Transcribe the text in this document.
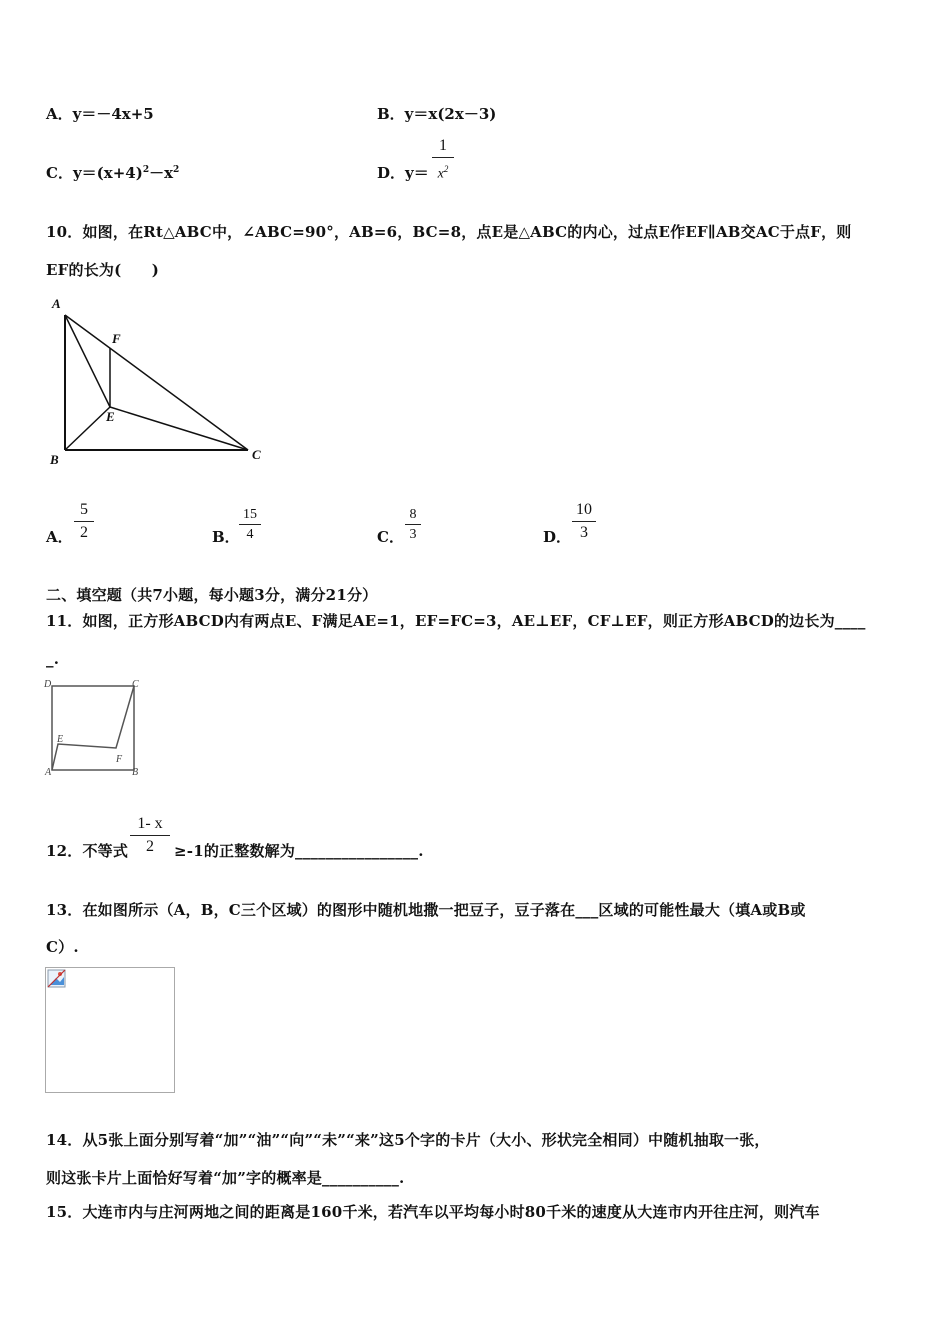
A．y＝－4x+5	B．y＝x(2x－3)
C．$y=(x+4)^2-x^2$	D．y＝
1
$x^2$
10．如图，在Rt△ABC中，∠ABC=90°，AB=6，BC=8，点E是△ABC的内心，过点E作EF∥AB交AC于点F，则
EF的长为(　　)
A
B	C
E
F
A．
5
2	B．
15
4	C．
8
3	D．
10
3
二、填空题（共7小题，每小题3分，满分21分）
11．如图，正方形ABCD内有两点E、F满足AE=1，EF=FC=3，AE⊥EF，CF⊥EF，则正方形ABCD的边长为____
_.
D	C
A	B
E
F
12．不等式
1- x
2	≥-1的正整数解为________________.
13．在如图所示（A，B，C三个区域）的图形中随机地撒一把豆子，豆子落在___区域的可能性最大（填A或B或
C）.
14．从5张上面分别写着“加”“油”“向”“未”“来”这5个字的卡片（大小、形状完全相同）中随机抽取一张，
则这张卡片上面恰好写着“加”字的概率是__________.
15．大连市内与庄河两地之间的距离是160千米，若汽车以平均每小时80千米的速度从大连市内开往庄河，则汽车
